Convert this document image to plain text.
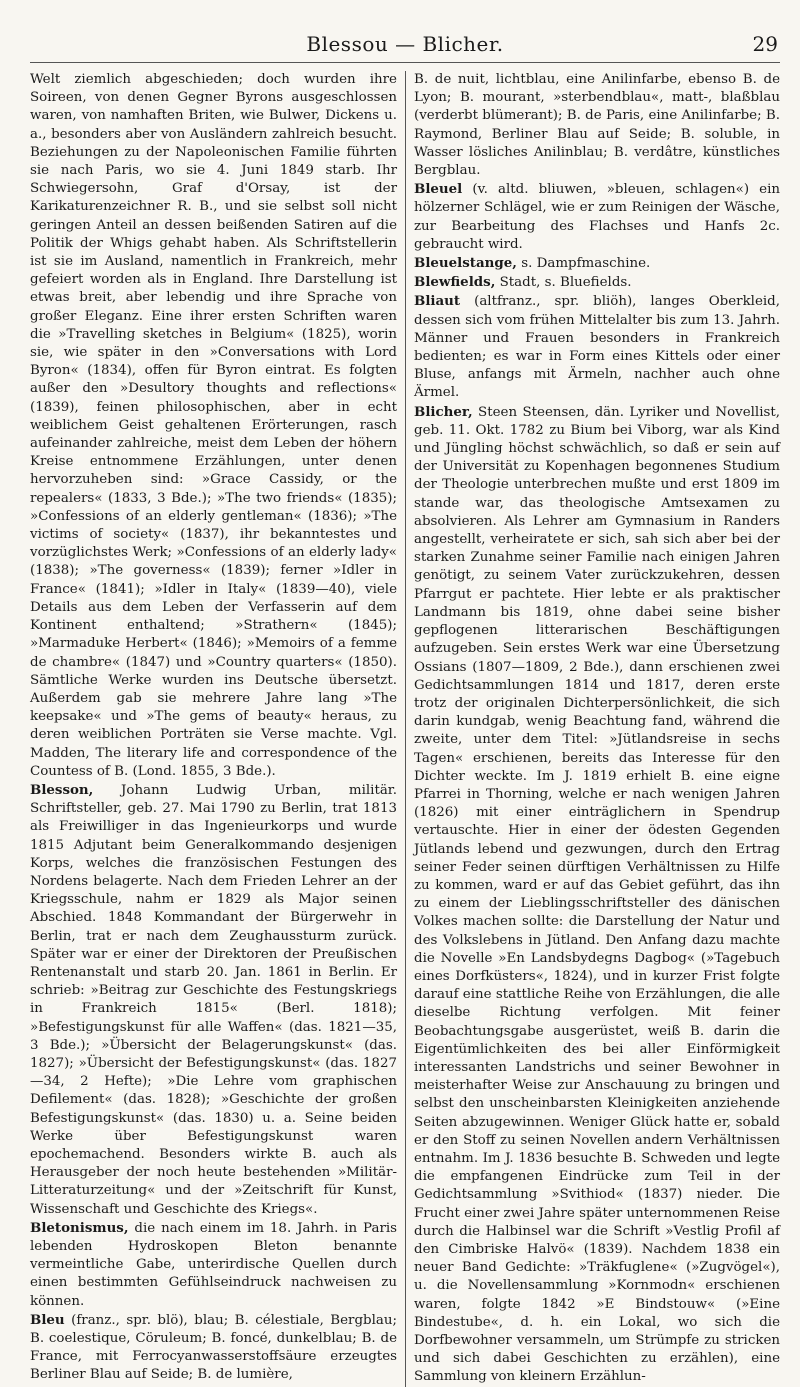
Blessou — Blicher.	29

Welt ziemlich abgeschieden; doch wurden ihre Soireen, von denen Gegner Byrons ausgeschlossen waren, von namhaften Briten, wie Bulwer, Dickens u. a., besonders aber von Ausländern zahlreich besucht. Beziehungen zu der Napoleonischen Familie führten sie nach Paris, wo sie 4. Juni 1849 starb. Ihr Schwiegersohn, Graf d'Orsay, ist der Karikaturenzeichner R. B., und sie selbst soll nicht geringen Anteil an dessen beißenden Satiren auf die Politik der Whigs gehabt haben. Als Schriftstellerin ist sie im Ausland, namentlich in Frankreich, mehr gefeiert worden als in England. Ihre Darstellung ist etwas breit, aber lebendig und ihre Sprache von großer Eleganz. Eine ihrer ersten Schriften waren die »Travelling sketches in Belgium« (1825), worin sie, wie später in den »Conversations with Lord Byron« (1834), offen für Byron eintrat. Es folgten außer den »Desultory thoughts and reflections« (1839), feinen philosophischen, aber in echt weiblichem Geist gehaltenen Erörterungen, rasch aufeinander zahlreiche, meist dem Leben der höhern Kreise entnommene Erzählungen, unter denen hervorzuheben sind: »Grace Cassidy, or the repealers« (1833, 3 Bde.); »The two friends« (1835); »Confessions of an elderly gentleman« (1836); »The victims of society« (1837), ihr bekanntestes und vorzüglichstes Werk; »Confessions of an elderly lady« (1838); »The governess« (1839); ferner »Idler in France« (1841); »Idler in Italy« (1839—40), viele Details aus dem Leben der Verfasserin auf dem Kontinent enthaltend; »Strathern« (1845); »Marmaduke Herbert« (1846); »Memoirs of a femme de chambre« (1847) und »Country quarters« (1850). Sämtliche Werke wurden ins Deutsche übersetzt. Außerdem gab sie mehrere Jahre lang »The keepsake« und »The gems of beauty« heraus, zu deren weiblichen Porträten sie Verse machte. Vgl. Madden, The literary life and correspondence of the Countess of B. (Lond. 1855, 3 Bde.).

Blesson, Johann Ludwig Urban, militär. Schriftsteller, geb. 27. Mai 1790 zu Berlin, trat 1813 als Freiwilliger in das Ingenieurkorps und wurde 1815 Adjutant beim Generalkommando desjenigen Korps, welches die französischen Festungen des Nordens belagerte. Nach dem Frieden Lehrer an der Kriegsschule, nahm er 1829 als Major seinen Abschied. 1848 Kommandant der Bürgerwehr in Berlin, trat er nach dem Zeughaussturm zurück. Später war er einer der Direktoren der Preußischen Rentenanstalt und starb 20. Jan. 1861 in Berlin. Er schrieb: »Beitrag zur Geschichte des Festungskriegs in Frankreich 1815« (Berl. 1818); »Befestigungskunst für alle Waffen« (das. 1821—35, 3 Bde.); »Übersicht der Belagerungskunst« (das. 1827); »Übersicht der Befestigungskunst« (das. 1827—34, 2 Hefte); »Die Lehre vom graphischen Defilement« (das. 1828); »Geschichte der großen Befestigungskunst« (das. 1830) u. a. Seine beiden Werke über Befestigungskunst waren epochemachend. Besonders wirkte B. auch als Herausgeber der noch heute bestehenden »Militär-Litteraturzeitung« und der »Zeitschrift für Kunst, Wissenschaft und Geschichte des Kriegs«.

Bletonismus, die nach einem im 18. Jahrh. in Paris lebenden Hydroskopen Bleton benannte vermeintliche Gabe, unterirdische Quellen durch einen bestimmten Gefühlseindruck nachweisen zu können.

Bleu (franz., spr. blö), blau; B. célestiale, Bergblau; B. coelestique, Cöruleum; B. foncé, dunkelblau; B. de France, mit Ferrocyanwasserstoffsäure erzeugtes Berliner Blau auf Seide; B. de lumière,

B. de nuit, lichtblau, eine Anilinfarbe, ebenso B. de Lyon; B. mourant, »sterbendblau«, matt-, blaßblau (verderbt blümerant); B. de Paris, eine Anilinfarbe; B. Raymond, Berliner Blau auf Seide; B. soluble, in Wasser lösliches Anilinblau; B. verdâtre, künstliches Bergblau.

Bleuel (v. altd. bliuwen, »bleuen, schlagen«) ein hölzerner Schlägel, wie er zum Reinigen der Wäsche, zur Bearbeitung des Flachses und Hanfs 2c. gebraucht wird.

Bleuelstange, s. Dampfmaschine.

Blewfields, Stadt, s. Bluefields.

Bliaut (altfranz., spr. bliöh), langes Oberkleid, dessen sich vom frühen Mittelalter bis zum 13. Jahrh. Männer und Frauen besonders in Frankreich bedienten; es war in Form eines Kittels oder einer Bluse, anfangs mit Ärmeln, nachher auch ohne Ärmel.

Blicher, Steen Steensen, dän. Lyriker und Novellist, geb. 11. Okt. 1782 zu Bium bei Viborg, war als Kind und Jüngling höchst schwächlich, so daß er sein auf der Universität zu Kopenhagen begonnenes Studium der Theologie unterbrechen mußte und erst 1809 im stande war, das theologische Amtsexamen zu absolvieren. Als Lehrer am Gymnasium in Randers angestellt, verheiratete er sich, sah sich aber bei der starken Zunahme seiner Familie nach einigen Jahren genötigt, zu seinem Vater zurückzukehren, dessen Pfarrgut er pachtete. Hier lebte er als praktischer Landmann bis 1819, ohne dabei seine bisher gepflogenen litterarischen Beschäftigungen aufzugeben. Sein erstes Werk war eine Übersetzung Ossians (1807—1809, 2 Bde.), dann erschienen zwei Gedichtsammlungen 1814 und 1817, deren erste trotz der originalen Dichterpersönlichkeit, die sich darin kundgab, wenig Beachtung fand, während die zweite, unter dem Titel: »Jütlandsreise in sechs Tagen« erschienen, bereits das Interesse für den Dichter weckte. Im J. 1819 erhielt B. eine eigne Pfarrei in Thorning, welche er nach wenigen Jahren (1826) mit einer einträglichern in Spendrup vertauschte. Hier in einer der ödesten Gegenden Jütlands lebend und gezwungen, durch den Ertrag seiner Feder seinen dürftigen Verhältnissen zu Hilfe zu kommen, ward er auf das Gebiet geführt, das ihn zu einem der Lieblingsschriftsteller des dänischen Volkes machen sollte: die Darstellung der Natur und des Volkslebens in Jütland. Den Anfang dazu machte die Novelle »En Landsbydegns Dagbog« (»Tagebuch eines Dorfküsters«, 1824), und in kurzer Frist folgte darauf eine stattliche Reihe von Erzählungen, die alle dieselbe Richtung verfolgen. Mit feiner Beobachtungsgabe ausgerüstet, weiß B. darin die Eigentümlichkeiten des bei aller Einförmigkeit interessanten Landstrichs und seiner Bewohner in meisterhafter Weise zur Anschauung zu bringen und selbst den unscheinbarsten Kleinigkeiten anziehende Seiten abzugewinnen. Weniger Glück hatte er, sobald er den Stoff zu seinen Novellen andern Verhältnissen entnahm. Im J. 1836 besuchte B. Schweden und legte die empfangenen Eindrücke zum Teil in der Gedichtsammlung »Svithiod« (1837) nieder. Die Frucht einer zwei Jahre später unternommenen Reise durch die Halbinsel war die Schrift »Vestlig Profil af den Cimbriske Halvö« (1839). Nachdem 1838 ein neuer Band Gedichte: »Träkfuglene« (»Zugvögel«), u. die Novellensammlung »Kornmodn« erschienen waren, folgte 1842 »E Bindstouw« (»Eine Bindestube«, d. h. ein Lokal, wo sich die Dorfbewohner versammeln, um Strümpfe zu stricken und sich dabei Geschichten zu erzählen), eine Sammlung von kleinern Erzählun-
